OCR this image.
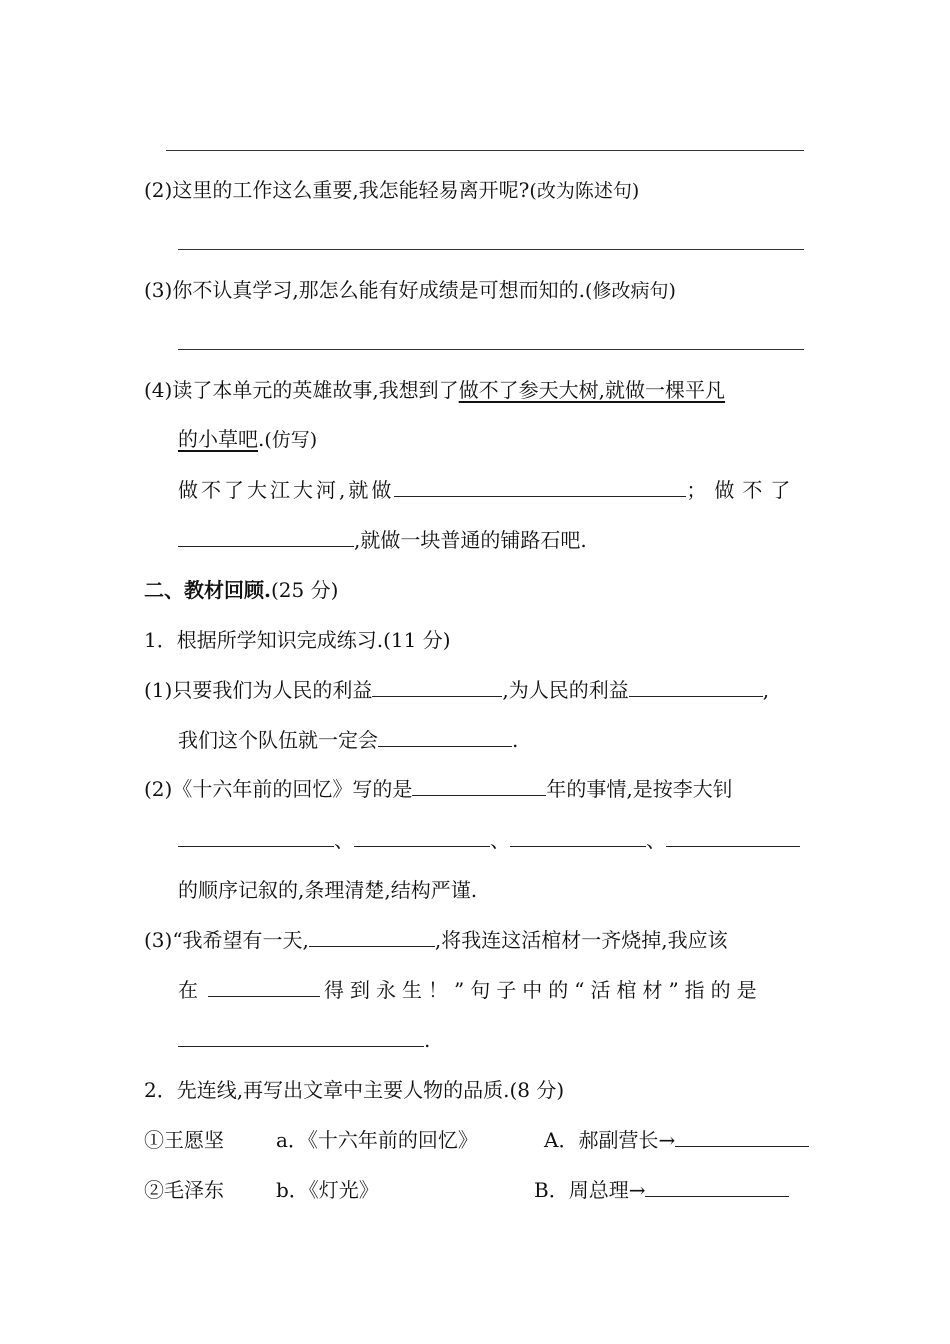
(2)这里的工作这么重要,我怎能轻易离开呢?(改为陈述句)
(3)你不认真学习,那怎么能有好成绩是可想而知的.(修改病句)
(4)读了本单元的英雄故事,我想到了做不了参天大树,就做一棵平凡
的小草吧.(仿写)
做不了大江大河,就做	；做不了
,就做一块普通的铺路石吧.
二、教材回顾.(25 分)
1．根据所学知识完成练习.(11 分)
(1)只要我们为人民的利益	,为人民的利益	,
我们这个队伍就一定会	.
(2)《十六年前的回忆》写的是	年的事情,是按李大钊
、	、	、
的顺序记叙的,条理清楚,结构严谨.
(3)“我希望有一天,	,将我连这活棺材一齐烧掉,我应该
在	得到永生！”句子中的“活棺材”指的是
.
2．先连线,再写出文章中主要人物的品质.(8 分)
①王愿坚	a．《十六年前的回忆》	A．郝副营长→
②毛泽东	b．《灯光》	B．周总理→
